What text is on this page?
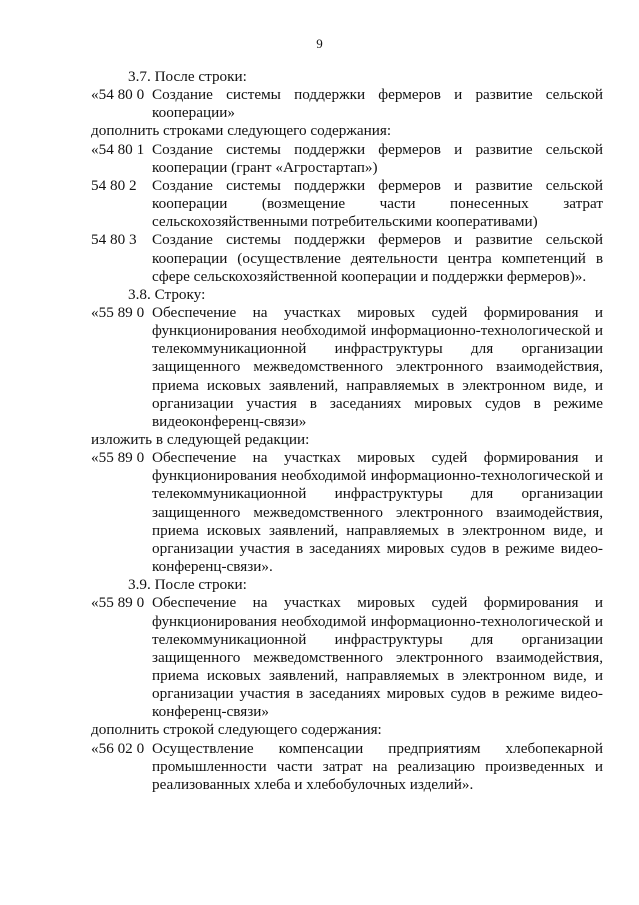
9
3.7. После строки:
«54 80 0 Создание системы поддержки фермеров и развитие сельской
кооперации»
дополнить строками следующего содержания:
«54 80 1 Создание системы поддержки фермеров и развитие сельской
кооперации (грант «Агростартап»)
54 80 2 Создание системы поддержки фермеров и развитие сельской
кооперации (возмещение части понесенных затрат
сельскохозяйственными потребительскими кооперативами)
54 80 3 Создание системы поддержки фермеров и развитие сельской
кооперации (осуществление деятельности центра компетенций в
сфере сельскохозяйственной кооперации и поддержки фермеров)».
3.8. Строку:
«55 89 0 Обеспечение на участках мировых судей формирования и
функционирования необходимой информационно-технологической и
телекоммуникационной инфраструктуры для организации
защищенного межведомственного электронного взаимодействия,
приема исковых заявлений, направляемых в электронном виде, и
организации участия в заседаниях мировых судов в режиме
видеоконференц-связи»
изложить в следующей редакции:
«55 89 0 Обеспечение на участках мировых судей формирования и
функционирования необходимой информационно-технологической и
телекоммуникационной инфраструктуры для организации
защищенного межведомственного электронного взаимодействия,
приема исковых заявлений, направляемых в электронном виде, и
организации участия в заседаниях мировых судов в режиме видео-
конференц-связи».
3.9. После строки:
«55 89 0 Обеспечение на участках мировых судей формирования и
функционирования необходимой информационно-технологической и
телекоммуникационной инфраструктуры для организации
защищенного межведомственного электронного взаимодействия,
приема исковых заявлений, направляемых в электронном виде, и
организации участия в заседаниях мировых судов в режиме видео-
конференц-связи»
дополнить строкой следующего содержания:
«56 02 0 Осуществление компенсации предприятиям хлебопекарной
промышленности части затрат на реализацию произведенных и
реализованных хлеба и хлебобулочных изделий».
